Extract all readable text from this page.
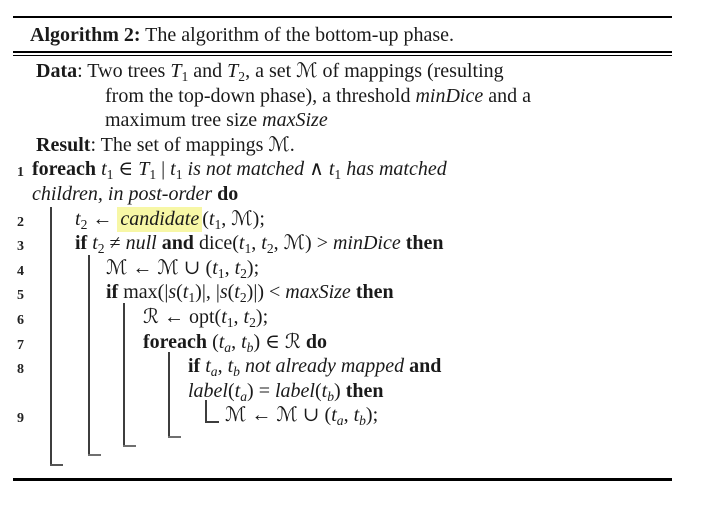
Algorithm 2: The algorithm of the bottom-up phase.
Data: Two trees $T_1$ and $T_2$, a set ℳ of mappings (resulting
from the top-down phase), a threshold minDice and a
maximum tree size maxSize
Result: The set of mappings ℳ.
1 foreach $t_1$ ∈ $T_1$ | $t_1$ is not matched ∧ $t_1$ has matched
children, in post-order do
2	$t_2$ ← candidate ($t_1$, ℳ);
3	if $t_2$ ≠ null and $dice(t_1$, $t_2$, ℳ) > minDice then
4	ℳ ← ℳ ∪ ($t_1$, $t_2$);
5	if $\max(|s(t_1)|$, $|s(t_2)|$) < maxSize then
6	ℛ ← $opt(t_1$, $t_2$);
7	foreach ($t_a$, $t_b$) ∈ ℛ do
8	if $t_a$, $t_b$ not already mapped and
$label(t_a)$ = $label(t_b)$ then
9	ℳ ← ℳ ∪ ($t_a$, $t_b$);
